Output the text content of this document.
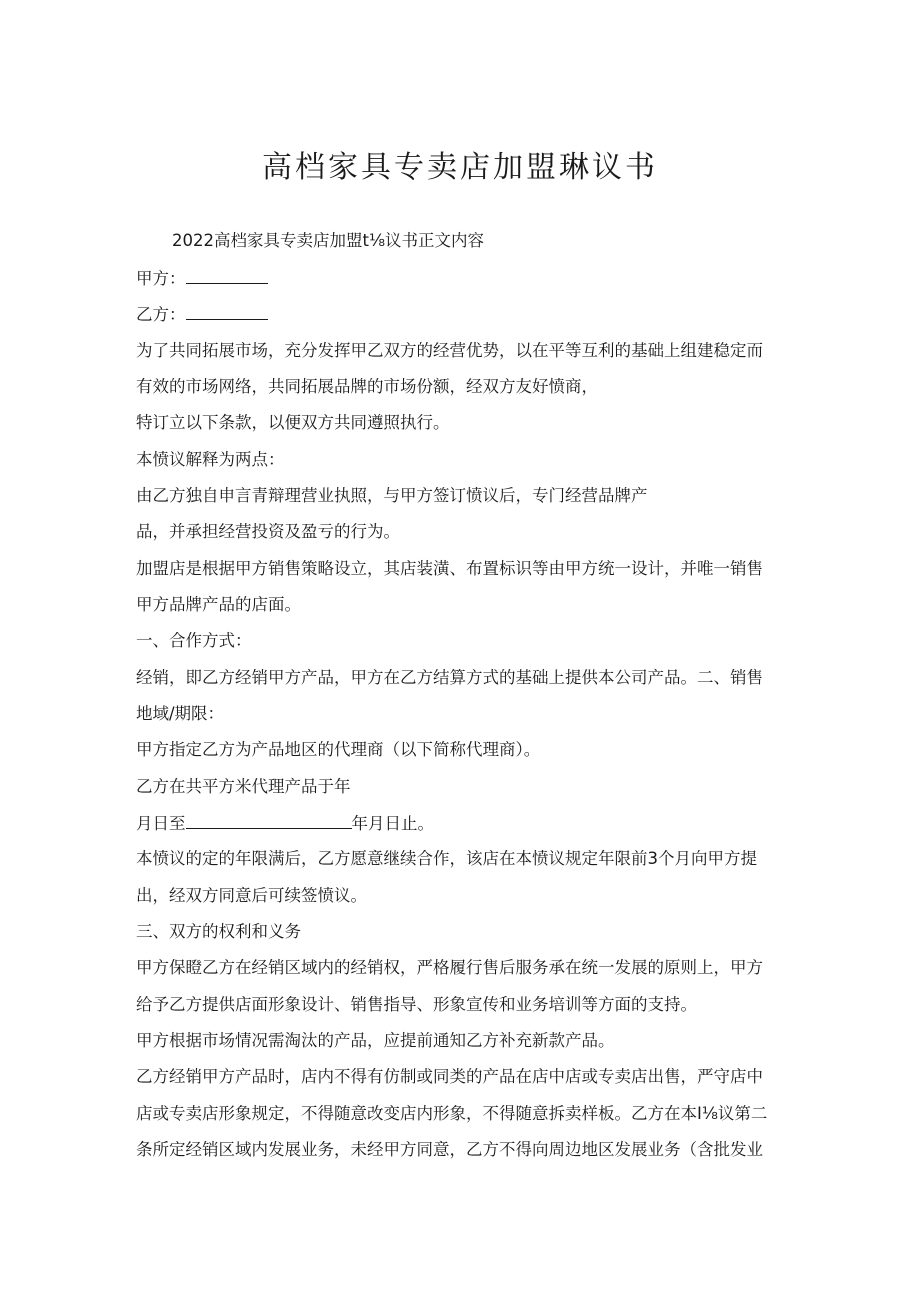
高档家具专卖店加盟琳议书

2022高档家具专卖店加盟t⅛议书正文内容

甲方：

乙方：

为了共同拓展市场，充分发挥甲乙双方的经营优势，以在平等互利的基础上组建稳定而

有效的市场网络，共同拓展品牌的市场份额，经双方友好愤商，

特订立以下条款，以便双方共同遵照执行。

本愤议解释为两点：

由乙方独自申言青辩理营业执照，与甲方签订愤议后，专门经营品牌产

品，并承担经营投资及盈亏的行为。

加盟店是根据甲方销售策略设立，其店装潢、布置标识等由甲方统一设计，并唯一销售

甲方品牌产品的店面。

一、合作方式：

经销，即乙方经销甲方产品，甲方在乙方结算方式的基础上提供本公司产品。二、销售

地域/期限：

甲方指定乙方为产品地区的代理商（以下简称代理商）。

乙方在共平方米代理产品于年

月日至	年月日止。

本愤议的定的年限满后，乙方愿意继续合作，该店在本愤议规定年限前3个月向甲方提

出，经双方同意后可续签愤议。

三、双方的权利和义务

甲方保瞪乙方在经销区域内的经销权，严格履行售后服务承在统一发展的原则上，甲方

给予乙方提供店面形象设计、销售指导、形象宣传和业务培训等方面的支持。

甲方根据市场情况需淘汰的产品，应提前通知乙方补充新款产品。

乙方经销甲方产品时，店内不得有仿制或同类的产品在店中店或专卖店出售，严守店中

店或专卖店形象规定，不得随意改变店内形象，不得随意拆卖样板。乙方在本I⅛议第二

条所定经销区域内发展业务，未经甲方同意，乙方不得向周边地区发展业务（含批发业
